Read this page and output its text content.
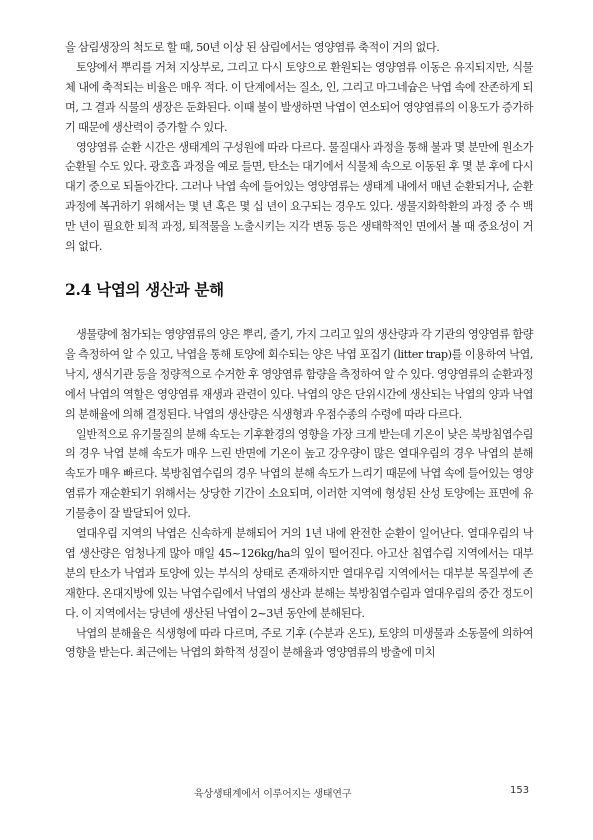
을 삼림생장의 척도로 할 때, 50년 이상 된 삼림에서는 영양염류 축적이 거의 없다.

토양에서 뿌리를 거쳐 지상부로, 그리고 다시 토양으로 환원되는 영양염류 이동은 유지되지만, 식물체 내에 축적되는 비율은 매우 적다. 이 단계에서는 질소, 인, 그리고 마그네슘은 낙엽 속에 잔존하게 되며, 그 결과 식물의 생장은 둔화된다. 이때 불이 발생하면 낙엽이 연소되어 영양염류의 이용도가 증가하기 때문에 생산력이 증가할 수 있다.

영양염류 순환 시간은 생태계의 구성원에 따라 다르다. 물질대사 과정을 통해 불과 몇 분만에 원소가 순환될 수도 있다. 광호흡 과정을 예로 들면, 탄소는 대기에서 식물체 속으로 이동된 후 몇 분 후에 다시 대기 중으로 되돌아간다. 그러나 낙엽 속에 들어있는 영양염류는 생태계 내에서 매년 순환되거나, 순환과정에 복귀하기 위해서는 몇 년 혹은 몇 십 년이 요구되는 경우도 있다. 생물지화학환의 과정 중 수 백만 년이 필요한 퇴적 과정, 퇴적물을 노출시키는 지각 변동 등은 생태학적인 면에서 볼 때 중요성이 거의 없다.

2.4 낙엽의 생산과 분해

생물량에 첨가되는 영양염류의 양은 뿌리, 줄기, 가지 그리고 잎의 생산량과 각 기관의 영양염류 함량을 측정하여 알 수 있고, 낙엽을 통해 토양에 회수되는 양은 낙엽 포집기 (litter trap)를 이용하여 낙엽, 낙지, 생식기관 등을 정량적으로 수거한 후 영양염류 함량을 측정하여 알 수 있다. 영양염류의 순환과정에서 낙엽의 역할은 영양염류 재생과 관련이 있다. 낙엽의 양은 단위시간에 생산되는 낙엽의 양과 낙엽의 분해율에 의해 결정된다. 낙엽의 생산량은 식생형과 우점수종의 수령에 따라 다르다.

일반적으로 유기물질의 분해 속도는 기후환경의 영향을 가장 크게 받는데 기온이 낮은 북방침엽수림의 경우 낙엽 분해 속도가 매우 느린 반면에 기온이 높고 강우량이 많은 열대우림의 경우 낙엽의 분해 속도가 매우 빠르다. 북방침엽수림의 경우 낙엽의 분해 속도가 느리기 때문에 낙엽 속에 들어있는 영양염류가 재순환되기 위해서는 상당한 기간이 소요되며, 이러한 지역에 형성된 산성 토양에는 표면에 유기물층이 잘 발달되어 있다.

열대우림 지역의 낙엽은 신속하게 분해되어 거의 1년 내에 완전한 순환이 일어난다. 열대우림의 낙엽 생산량은 엄청나게 많아 매일 45~126kg/ha의 잎이 떨어진다. 아고산 침엽수림 지역에서는 대부분의 탄소가 낙엽과 토양에 있는 부식의 상태로 존재하지만 열대우림 지역에서는 대부분 목질부에 존재한다. 온대지방에 있는 낙엽수림에서 낙엽의 생산과 분해는 북방침엽수림과 열대우림의 중간 정도이다. 이 지역에서는 당년에 생산된 낙엽이 2~3년 동안에 분해된다.

낙엽의 분해율은 식생형에 따라 다르며, 주로 기후 (수분과 온도), 토양의 미생물과 소동물에 의하여 영향을 받는다. 최근에는 낙엽의 화학적 성질이 분해율과 영양염류의 방출에 미치

육상생태계에서 이루어지는 생태연구	153
